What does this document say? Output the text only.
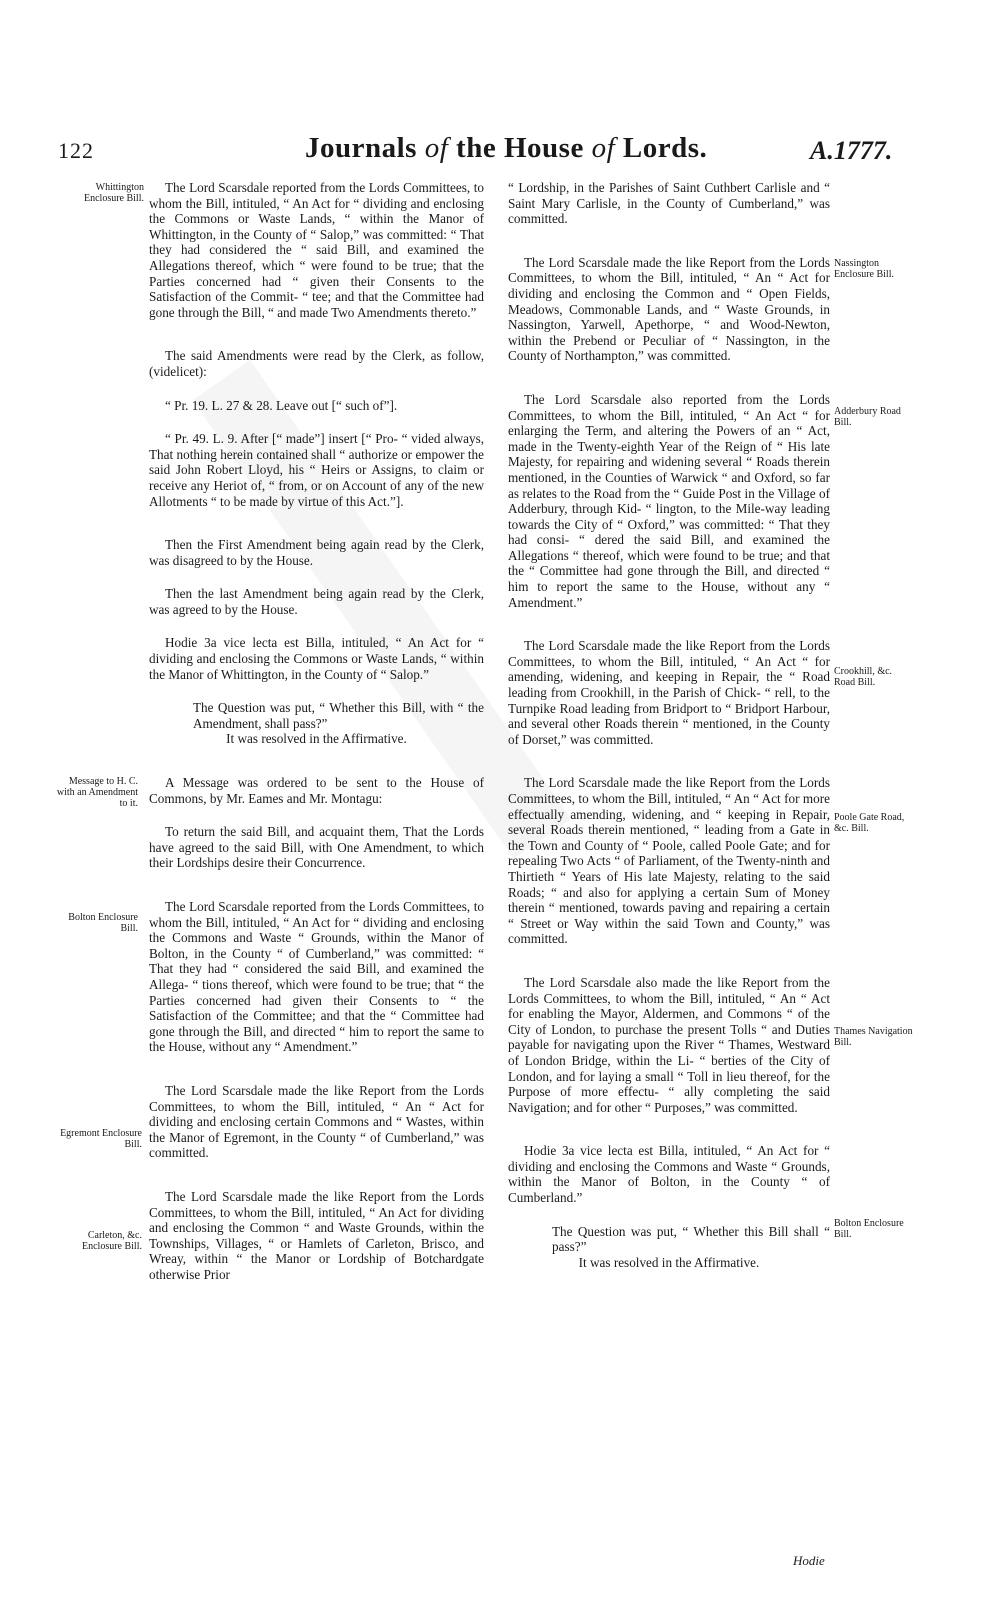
122	Journals of the House of Lords.	A.1777.
Whittington Enclosure Bill.
Message to H. C. with an Amendment to it.
Bolton Enclosure Bill.
Egremont Enclosure Bill.
Carleton, &c. Enclosure Bill.
Nassington Enclosure Bill.
Adderbury Road Bill.
Crookhill, &c. Road Bill.
Poole Gate Road, &c. Bill.
Thames Navigation Bill.
Bolton Enclosure Bill.

The Lord Scarsdale reported from the Lords Committees, to whom the Bill, intituled, “ An Act for “ dividing and enclosing the Commons or Waste Lands, “ within the Manor of Whittington, in the County of “ Salop,” was committed: “ That they had considered the “ said Bill, and examined the Allegations thereof, which “ were found to be true; that the Parties concerned had “ given their Consents to the Satisfaction of the Commit- “ tee; and that the Committee had gone through the Bill, “ and made Two Amendments thereto.”

The said Amendments were read by the Clerk, as follow, (videlicet):

“ Pr. 19. L. 27 & 28. Leave out [“ such of”].

“ Pr. 49. L. 9. After [“ made”] insert [“ Pro- “ vided always, That nothing herein contained shall “ authorize or empower the said John Robert Lloyd, his “ Heirs or Assigns, to claim or receive any Heriot of, “ from, or on Account of any of the new Allotments “ to be made by virtue of this Act.”].

Then the First Amendment being again read by the Clerk, was disagreed to by the House.

Then the last Amendment being again read by the Clerk, was agreed to by the House.

Hodie 3a vice lecta est Billa, intituled, “ An Act for “ dividing and enclosing the Commons or Waste Lands, “ within the Manor of Whittington, in the County of “ Salop.”

The Question was put, “ Whether this Bill, with “ the Amendment, shall pass?”

It was resolved in the Affirmative.

A Message was ordered to be sent to the House of Commons, by Mr. Eames and Mr. Montagu:

To return the said Bill, and acquaint them, That the Lords have agreed to the said Bill, with One Amendment, to which their Lordships desire their Concurrence.

The Lord Scarsdale reported from the Lords Committees, to whom the Bill, intituled, “ An Act for “ dividing and enclosing the Commons and Waste “ Grounds, within the Manor of Bolton, in the County “ of Cumberland,” was committed: “ That they had “ considered the said Bill, and examined the Allega- “ tions thereof, which were found to be true; that “ the Parties concerned had given their Consents to “ the Satisfaction of the Committee; and that the “ Committee had gone through the Bill, and directed “ him to report the same to the House, without any “ Amendment.”

The Lord Scarsdale made the like Report from the Lords Committees, to whom the Bill, intituled, “ An “ Act for dividing and enclosing certain Commons and “ Wastes, within the Manor of Egremont, in the County “ of Cumberland,” was committed.

The Lord Scarsdale made the like Report from the Lords Committees, to whom the Bill, intituled, “ An Act for dividing and enclosing the Common “ and Waste Grounds, within the Townships, Villages, “ or Hamlets of Carleton, Brisco, and Wreay, within “ the Manor or Lordship of Botchardgate otherwise Prior

“ Lordship, in the Parishes of Saint Cuthbert Carlisle and “ Saint Mary Carlisle, in the County of Cumberland,” was committed.

The Lord Scarsdale made the like Report from the Lords Committees, to whom the Bill, intituled, “ An “ Act for dividing and enclosing the Common and “ Open Fields, Meadows, Commonable Lands, and “ Waste Grounds, in Nassington, Yarwell, Apethorpe, “ and Wood-Newton, within the Prebend or Peculiar of “ Nassington, in the County of Northampton,” was committed.

The Lord Scarsdale also reported from the Lords Committees, to whom the Bill, intituled, “ An Act “ for enlarging the Term, and altering the Powers of an “ Act, made in the Twenty-eighth Year of the Reign of “ His late Majesty, for repairing and widening several “ Roads therein mentioned, in the Counties of Warwick “ and Oxford, so far as relates to the Road from the “ Guide Post in the Village of Adderbury, through Kid- “ lington, to the Mile-way leading towards the City of “ Oxford,” was committed: “ That they had consi- “ dered the said Bill, and examined the Allegations “ thereof, which were found to be true; and that the “ Committee had gone through the Bill, and directed “ him to report the same to the House, without any “ Amendment.”

The Lord Scarsdale made the like Report from the Lords Committees, to whom the Bill, intituled, “ An Act “ for amending, widening, and keeping in Repair, the “ Road leading from Crookhill, in the Parish of Chick- “ rell, to the Turnpike Road leading from Bridport to “ Bridport Harbour, and several other Roads therein “ mentioned, in the County of Dorset,” was committed.

The Lord Scarsdale made the like Report from the Lords Committees, to whom the Bill, intituled, “ An “ Act for more effectually amending, widening, and “ keeping in Repair, several Roads therein mentioned, “ leading from a Gate in the Town and County of “ Poole, called Poole Gate; and for repealing Two Acts “ of Parliament, of the Twenty-ninth and Thirtieth “ Years of His late Majesty, relating to the said Roads; “ and also for applying a certain Sum of Money therein “ mentioned, towards paving and repairing a certain “ Street or Way within the said Town and County,” was committed.

The Lord Scarsdale also made the like Report from the Lords Committees, to whom the Bill, intituled, “ An “ Act for enabling the Mayor, Aldermen, and Commons “ of the City of London, to purchase the present Tolls “ and Duties payable for navigating upon the River “ Thames, Westward of London Bridge, within the Li- “ berties of the City of London, and for laying a small “ Toll in lieu thereof, for the Purpose of more effectu- “ ally completing the said Navigation; and for other “ Purposes,” was committed.

Hodie 3a vice lecta est Billa, intituled, “ An Act for “ dividing and enclosing the Commons and Waste “ Grounds, within the Manor of Bolton, in the County “ of Cumberland.”

The Question was put, “ Whether this Bill shall “ pass?”

It was resolved in the Affirmative.

Hodie
